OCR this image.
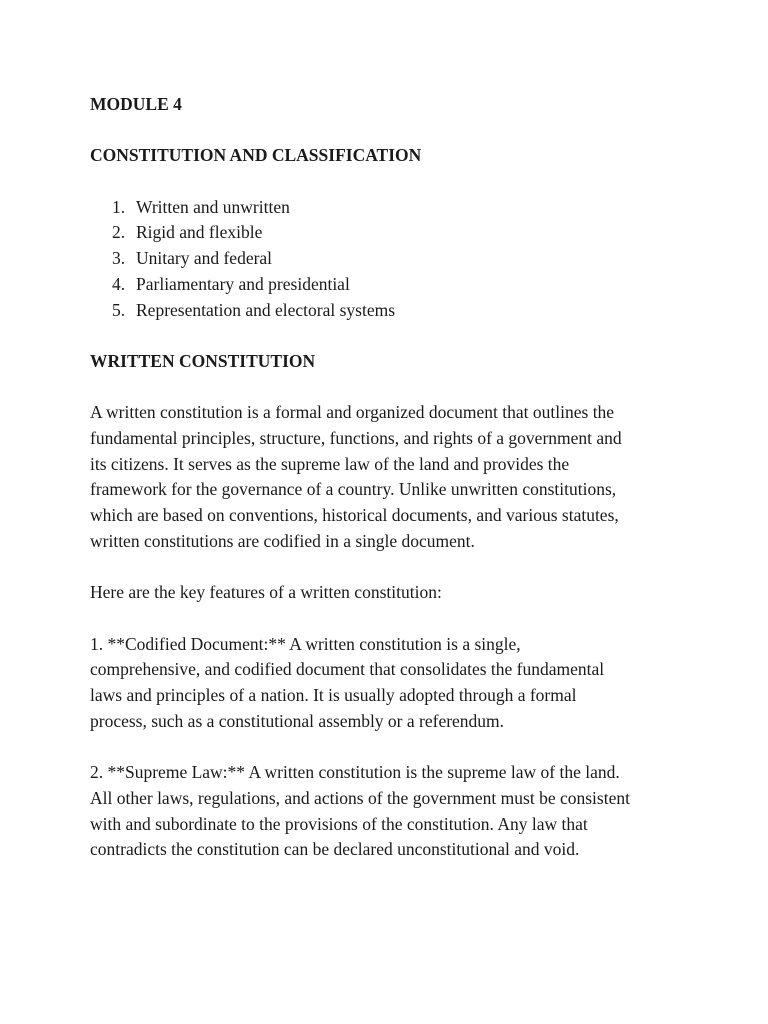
MODULE 4

CONSTITUTION AND CLASSIFICATION

1. Written and unwritten
2. Rigid and flexible
3. Unitary and federal
4. Parliamentary and presidential
5. Representation and electoral systems

WRITTEN CONSTITUTION

A written constitution is a formal and organized document that outlines the
fundamental principles, structure, functions, and rights of a government and
its citizens. It serves as the supreme law of the land and provides the
framework for the governance of a country. Unlike unwritten constitutions,
which are based on conventions, historical documents, and various statutes,
written constitutions are codified in a single document.

Here are the key features of a written constitution:

1. **Codified Document:** A written constitution is a single,
comprehensive, and codified document that consolidates the fundamental
laws and principles of a nation. It is usually adopted through a formal
process, such as a constitutional assembly or a referendum.
2. **Supreme Law:** A written constitution is the supreme law of the land.
All other laws, regulations, and actions of the government must be consistent
with and subordinate to the provisions of the constitution. Any law that
contradicts the constitution can be declared unconstitutional and void.
